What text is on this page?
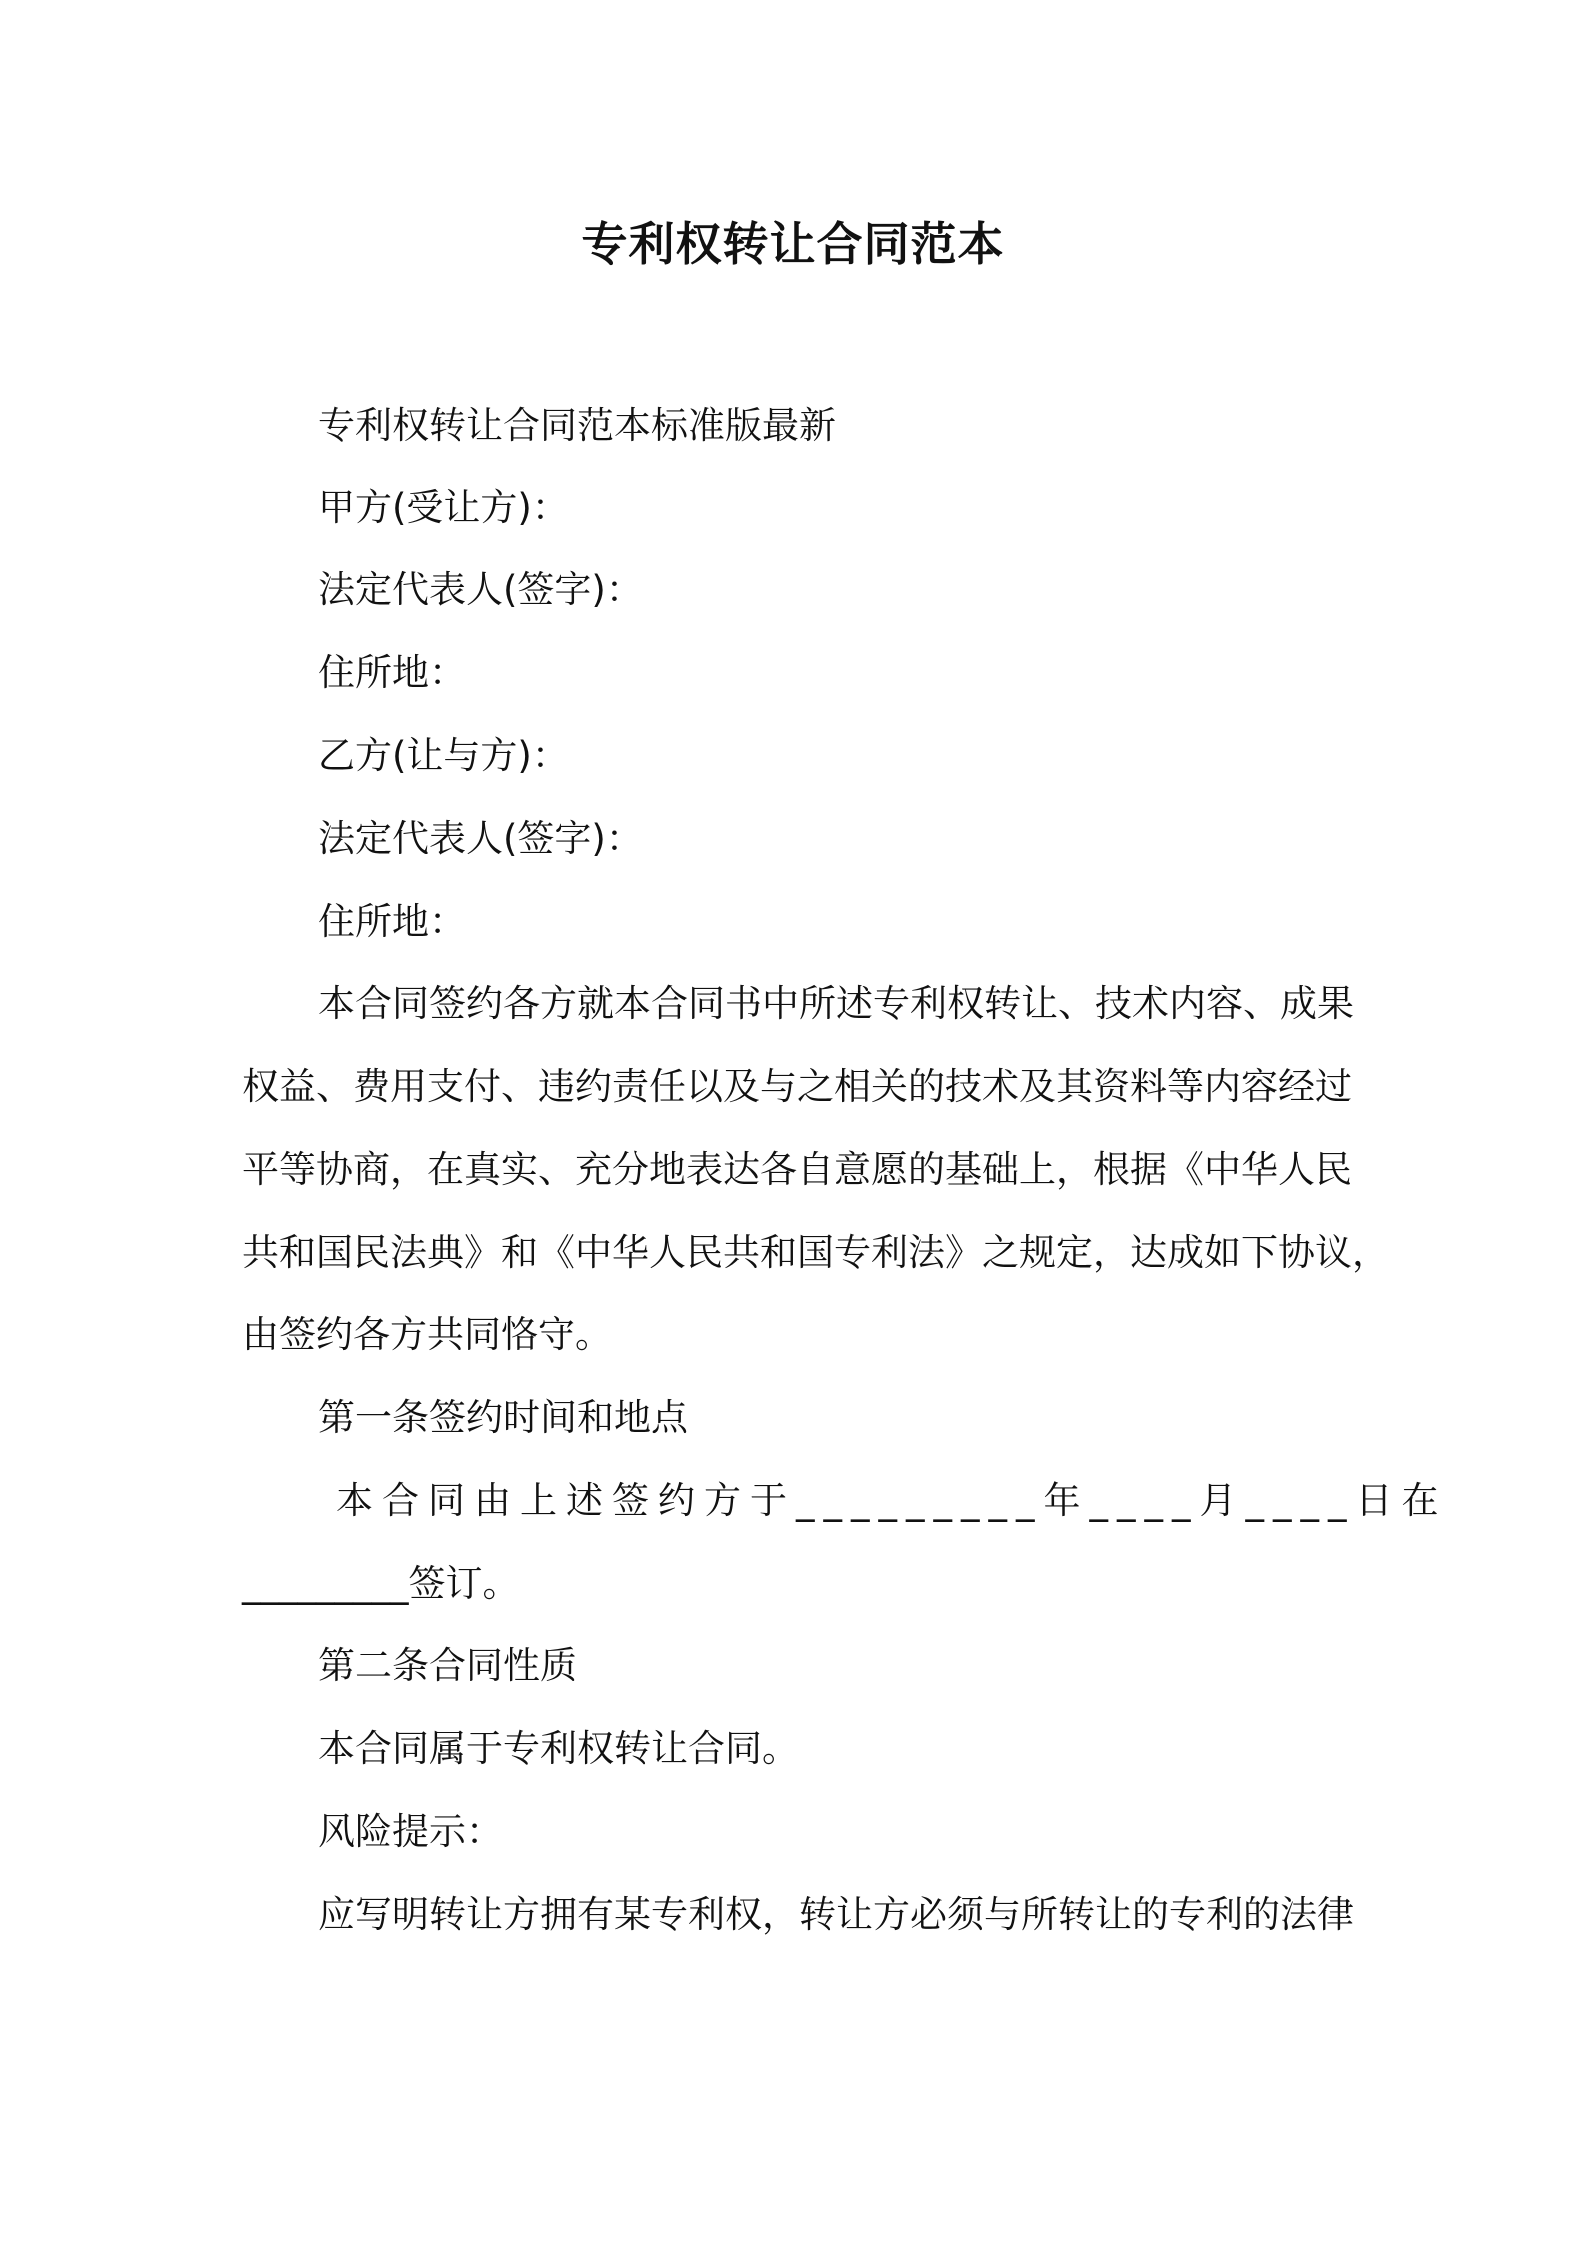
专利权转让合同范本
专利权转让合同范本标准版最新
甲方(受让方)：
法定代表人(签字)：
住所地：
乙方(让与方)：
法定代表人(签字)：
住所地：
本合同签约各方就本合同书中所述专利权转让、技术内容、成果
权益、费用支付、违约责任以及与之相关的技术及其资料等内容经过
平等协商，在真实、充分地表达各自意愿的基础上，根据《中华人民
共和国民法典》和《中华人民共和国专利法》之规定，达成如下协议，
由签约各方共同恪守。
第一条签约时间和地点
本合同由上述签约方于_________年____月____日在
_________签订。
第二条合同性质
本合同属于专利权转让合同。
风险提示：
应写明转让方拥有某专利权，转让方必须与所转让的专利的法律
